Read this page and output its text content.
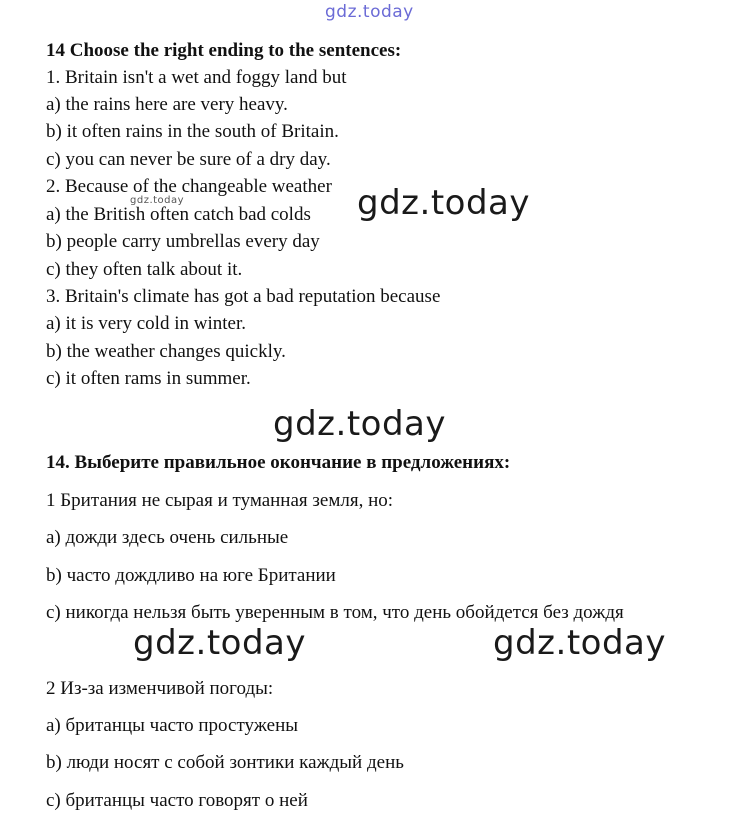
gdz.today
gdz.today	gdz.today
gdz.today
gdz.today	gdz.today
14 Choose the right ending to the sentences:
1. Britain isn't a wet and foggy land but
a) the rains here are very heavy.
b) it often rains in the south of Britain.
c) you can never be sure of a dry day.
2. Because of the changeable weather
a) the British often catch bad colds
b) people carry umbrellas every day
c) they often talk about it.
3. Britain's climate has got a bad reputation because
a) it is very cold in winter.
b) the weather changes quickly.
c) it often rams in summer.
14. Выберите правильное окончание в предложениях:
1 Британия не сырая и туманная земля, но:
а) дожди здесь очень сильные
b) часто дождливо на юге Британии
с) никогда нельзя быть уверенным в том, что день обойдется без дождя
2 Из-за изменчивой погоды:
а) британцы часто простужены
b) люди носят с собой зонтики каждый день
с) британцы часто говорят о ней
